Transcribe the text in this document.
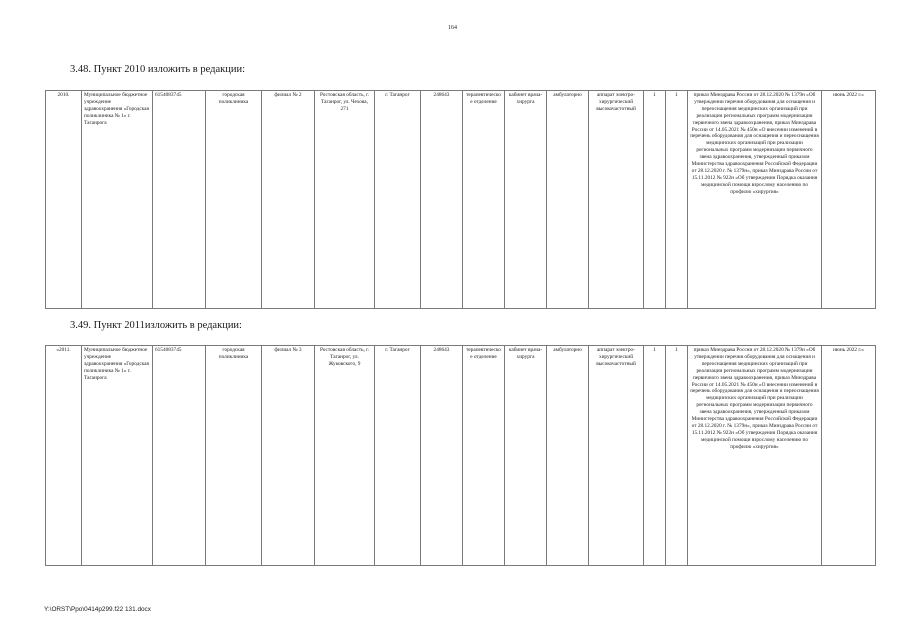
164
3.48. Пункт 2010 изложить в редакции:
2010.	Муниципальное бюджетное учреждение здравоохранения «Городская поликлиника № 1» г. Таганрога	6154083745	городская поликлиника	филиал № 2	Ростовская область, г. Таганрог, ул. Чехова, 271	г. Таганрог	248643	терапевтическое отделение	кабинет врача-хирурга	амбулаторно	аппарат электро-хирургический высокочастотный	1	1	приказ Минздрава России от 28.12.2020 № 1379н «Об утверждении перечня оборудования для оснащения и переоснащения медицинских организаций при реализации региональных программ модернизации первичного звена здравоохранения, приказ Минздрава России от 14.05.2021 № 450н «О внесении изменений в перечень оборудования для оснащения и переоснащения медицинских организаций при реализации региональных программ модернизации первичного звена здравоохранения, утвержденный приказом Министерства здравоохранения Российской Федерации от 28.12.2020 г. № 1379н», приказ Минздрава России от 15.11.2012 № 922н «Об утверждении Порядка оказания медицинской помощи взрослому населению по профилю «хирургия»	июнь 2022 г.»
3.49. Пункт 2011изложить в редакции:
«2011.	Муниципальное бюджетное учреждение здравоохранения «Городская поликлиника № 1» г. Таганрога	6154083745	городская поликлиника	филиал № 3	Ростовская область, г. Таганрог, ул. Жуковского, 9	г. Таганрог	248643	терапевтическое отделение	кабинет врача-хирурга	амбулаторно	аппарат электро-хирургический высокочастотный	1	1	приказ Минздрава России от 28.12.2020 № 1379н «Об утверждении перечня оборудования для оснащения и переоснащения медицинских организаций при реализации региональных программ модернизации первичного звена здравоохранения, приказ Минздрава России от 14.05.2021 № 450н «О внесении изменений в перечень оборудования для оснащения и переоснащения медицинских организаций при реализации региональных программ модернизации первичного звена здравоохранения, утвержденный приказом Министерства здравоохранения Российской Федерации от 28.12.2020 г. № 1379н», приказ Минздрава России от 15.11.2012 № 922н «Об утверждении Порядка оказания медицинской помощи взрослому населению по профилю «хирургия»	июнь 2022 г.»
Y:\ORST\Ppo\0414p299.f22 131.docx
